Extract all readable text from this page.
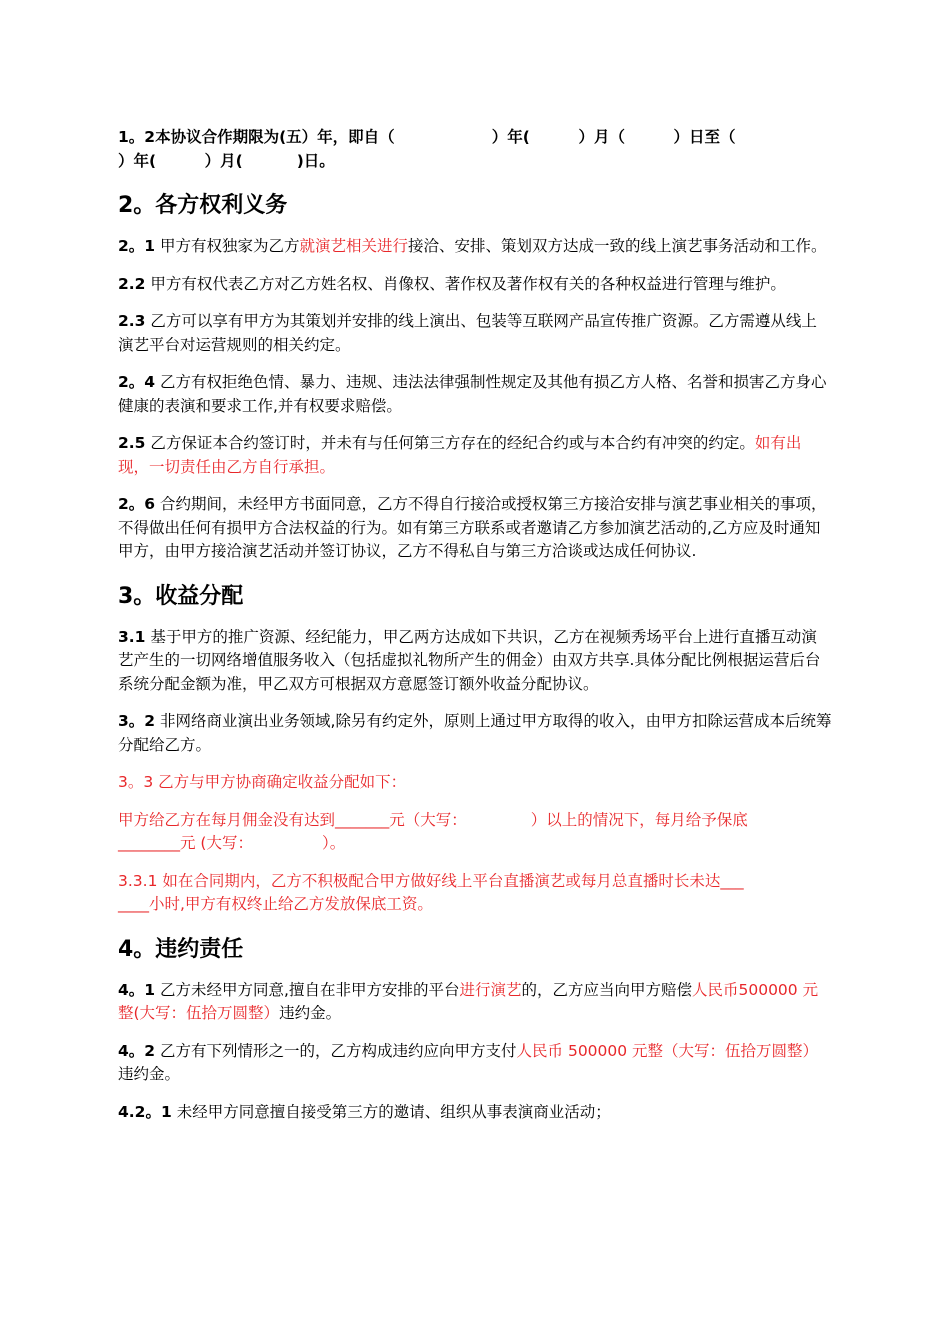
1。2本协议合作期限为(五）年，即自（                  ）年(         ）月（         ）日至（
）年(         ）月(          )日。

2。各方权利义务

2。1 甲方有权独家为乙方就演艺相关进行接洽、安排、策划双方达成一致的线上演艺事务活动和工作。

2.2 甲方有权代表乙方对乙方姓名权、肖像权、著作权及著作权有关的各种权益进行管理与维护。

2.3 乙方可以享有甲方为其策划并安排的线上演出、包装等互联网产品宣传推广资源。乙方需遵从线上演艺平台对运营规则的相关约定。

2。4 乙方有权拒绝色情、暴力、违规、违法法律强制性规定及其他有损乙方人格、名誉和损害乙方身心健康的表演和要求工作,并有权要求赔偿。

2.5 乙方保证本合约签订时，并未有与任何第三方存在的经纪合约或与本合约有冲突的约定。如有出现，一切责任由乙方自行承担。

2。6 合约期间，未经甲方书面同意，乙方不得自行接洽或授权第三方接洽安排与演艺事业相关的事项，不得做出任何有损甲方合法权益的行为。如有第三方联系或者邀请乙方参加演艺活动的,乙方应及时通知甲方，由甲方接洽演艺活动并签订协议，乙方不得私自与第三方洽谈或达成任何协议.

3。收益分配

3.1 基于甲方的推广资源、经纪能力，甲乙两方达成如下共识，乙方在视频秀场平台上进行直播互动演艺产生的一切网络增值服务收入（包括虚拟礼物所产生的佣金）由双方共享.具体分配比例根据运营后台系统分配金额为准，甲乙双方可根据双方意愿签订额外收益分配协议。

3。2 非网络商业演出业务领域,除另有约定外，原则上通过甲方取得的收入，由甲方扣除运营成本后统筹分配给乙方。

3。3 乙方与甲方协商确定收益分配如下：

甲方给乙方在每月佣金没有达到_______元（大写：             ）以上的情况下，每月给予保底
________元 (大写：              ）。

3.3.1 如在合同期内，乙方不积极配合甲方做好线上平台直播演艺或每月总直播时长未达___
____小时,甲方有权终止给乙方发放保底工资。

4。违约责任

4。1 乙方未经甲方同意,擅自在非甲方安排的平台进行演艺的，乙方应当向甲方赔偿人民币500000 元整(大写：伍拾万圆整）违约金。

4。2 乙方有下列情形之一的，乙方构成违约应向甲方支付人民币 500000 元整（大写：伍拾万圆整）违约金。

4.2。1 未经甲方同意擅自接受第三方的邀请、组织从事表演商业活动；
